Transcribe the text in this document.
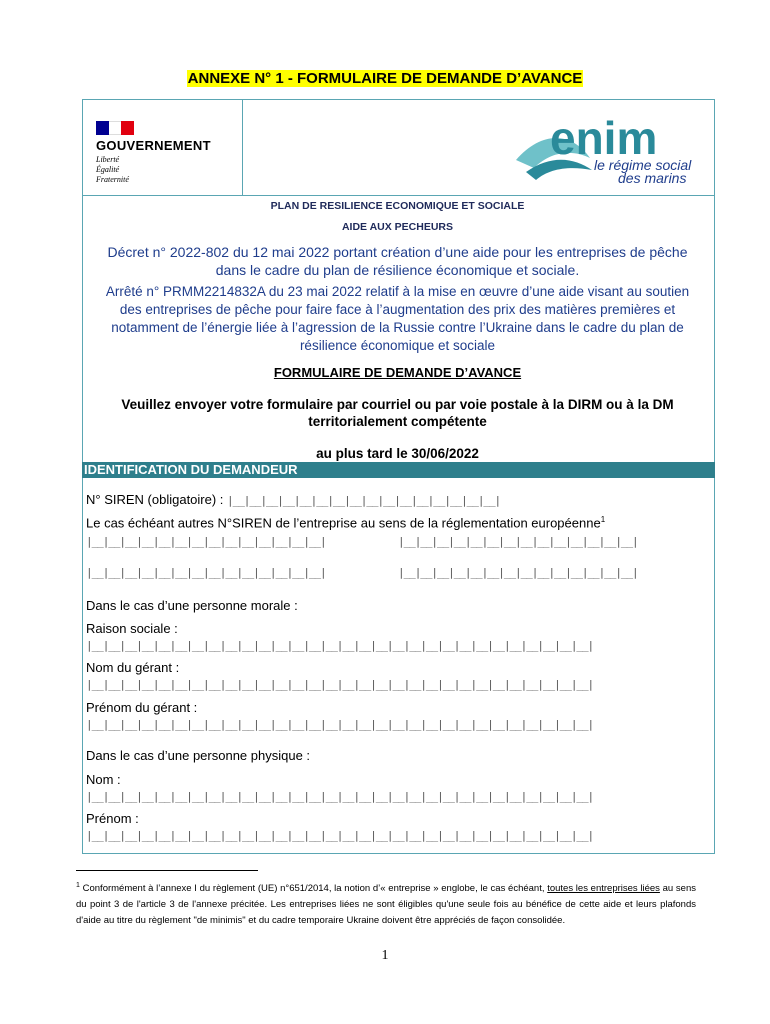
ANNEXE N° 1 - FORMULAIRE DE DEMANDE D’AVANCE
GOUVERNEMENT
Liberté
Égalité
Fraternité
enim
le régime social
des marins
PLAN DE RESILIENCE ECONOMIQUE ET SOCIALE
AIDE AUX PECHEURS
Décret n° 2022-802 du 12 mai 2022 portant création d’une aide pour les entreprises de pêche dans le cadre du plan de résilience économique et sociale.
Arrêté n° PRMM2214832A du 23 mai 2022 relatif à la mise en œuvre d’une aide visant au soutien des entreprises de pêche pour faire face à l’augmentation des prix des matières premières et notamment de l’énergie liée à l’agression de la Russie contre l’Ukraine dans le cadre du plan de résilience économique et sociale
FORMULAIRE DE DEMANDE D’AVANCE
Veuillez envoyer votre formulaire par courriel ou par voie postale à la DIRM ou à la DM territorialement compétente
au plus tard le 30/06/2022
IDENTIFICATION DU DEMANDEUR
N° SIREN (obligatoire) : |__|__|__|__|__|__|__|__|__|__|__|__|__|__|__|__|
Le cas échéant autres N°SIREN de l’entreprise au sens de la réglementation européenne$^1$
|__|__|__|__|__|__|__|__|__|__|__|__|__|__|	|__|__|__|__|__|__|__|__|__|__|__|__|__|__|
|__|__|__|__|__|__|__|__|__|__|__|__|__|__|	|__|__|__|__|__|__|__|__|__|__|__|__|__|__|
Dans le cas d’une personne morale :
Raison sociale :
|__|__|__|__|__|__|__|__|__|__|__|__|__|__|__|__|__|__|__|__|__|__|__|__|__|__|__|__|__|__|
Nom du gérant :
|__|__|__|__|__|__|__|__|__|__|__|__|__|__|__|__|__|__|__|__|__|__|__|__|__|__|__|__|__|__|
Prénom du gérant :
|__|__|__|__|__|__|__|__|__|__|__|__|__|__|__|__|__|__|__|__|__|__|__|__|__|__|__|__|__|__|
Dans le cas d’une personne physique :
Nom :
|__|__|__|__|__|__|__|__|__|__|__|__|__|__|__|__|__|__|__|__|__|__|__|__|__|__|__|__|__|__|
Prénom :
|__|__|__|__|__|__|__|__|__|__|__|__|__|__|__|__|__|__|__|__|__|__|__|__|__|__|__|__|__|__|
$^1$ Conformément à l’annexe I du règlement (UE) n°651/2014, la notion d’« entreprise » englobe, le cas échéant, toutes les entreprises liées au sens du point 3 de l'article 3 de l'annexe précitée. Les entreprises liées ne sont éligibles qu'une seule fois au bénéfice de cette aide et leurs plafonds d'aide au titre du règlement "de minimis" et du cadre temporaire Ukraine doivent être appréciés de façon consolidée.
1
